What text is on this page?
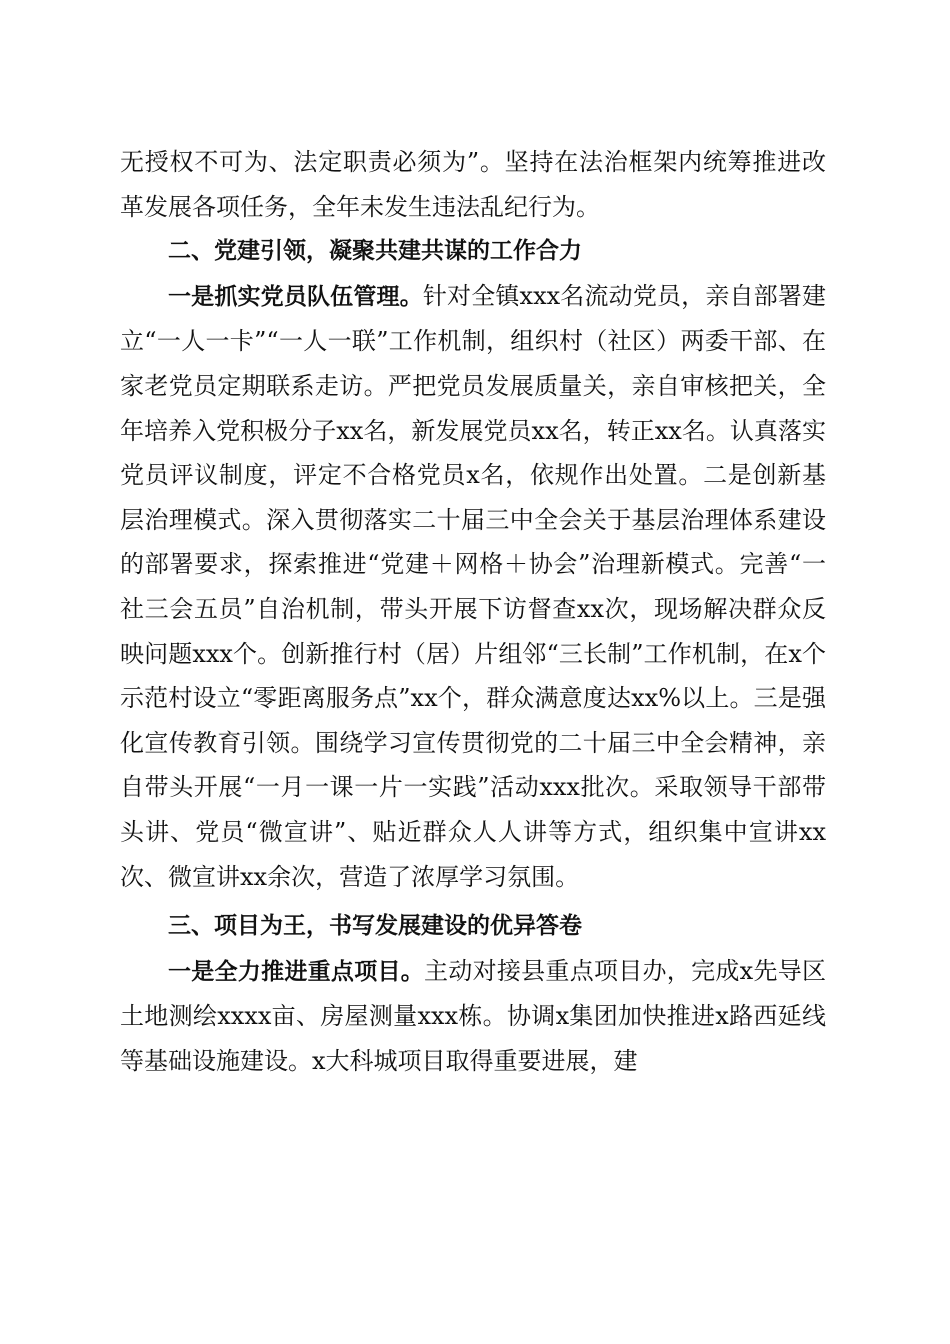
无授权不可为、法定职责必须为”。坚持在法治框架内统筹推进改革发展各项任务，全年未发生违法乱纪行为。

二、党建引领，凝聚共建共谋的工作合力

一是抓实党员队伍管理。针对全镇xxx名流动党员，亲自部署建立“一人一卡”“一人一联”工作机制，组织村（社区）两委干部、在家老党员定期联系走访。严把党员发展质量关，亲自审核把关，全年培养入党积极分子xx名，新发展党员xx名，转正xx名。认真落实党员评议制度，评定不合格党员x名，依规作出处置。二是创新基层治理模式。深入贯彻落实二十届三中全会关于基层治理体系建设的部署要求，探索推进“党建＋网格＋协会”治理新模式。完善“一社三会五员”自治机制，带头开展下访督查xx次，现场解决群众反映问题xxx个。创新推行村（居）片组邻“三长制”工作机制，在x个示范村设立“零距离服务点”xx个，群众满意度达xx%以上。三是强化宣传教育引领。围绕学习宣传贯彻党的二十届三中全会精神，亲自带头开展“一月一课一片一实践”活动xxx批次。采取领导干部带头讲、党员“微宣讲”、贴近群众人人讲等方式，组织集中宣讲xx次、微宣讲xx余次，营造了浓厚学习氛围。

三、项目为王，书写发展建设的优异答卷

一是全力推进重点项目。主动对接县重点项目办，完成x先导区土地测绘xxxx亩、房屋测量xxx栋。协调x集团加快推进x路西延线等基础设施建设。x大科城项目取得重要进展，建
